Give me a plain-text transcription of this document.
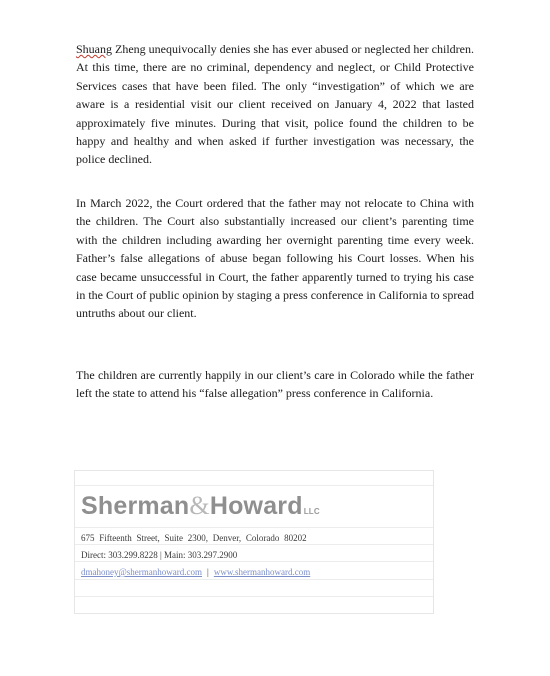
Shuang Zheng unequivocally denies she has ever abused or neglected her children. At this time, there are no criminal, dependency and neglect, or Child Protective Services cases that have been filed. The only “investigation” of which we are aware is a residential visit our client received on January 4, 2022 that lasted approximately five minutes. During that visit, police found the children to be happy and healthy and when asked if further investigation was necessary, the police declined.

In March 2022, the Court ordered that the father may not relocate to China with the children. The Court also substantially increased our client’s parenting time with the children including awarding her overnight parenting time every week. Father’s false allegations of abuse began following his Court losses. When his case became unsuccessful in Court, the father apparently turned to trying his case in the Court of public opinion by staging a press conference in California to spread untruths about our client.

The children are currently happily in our client’s care in Colorado while the father left the state to attend his “false allegation” press conference in California.

Sherman&HowardLLC
675 Fifteenth Street, Suite 2300, Denver, Colorado 80202
Direct: 303.299.8228 | Main: 303.297.2900
dmahoney@shermanhoward.com | www.shermanhoward.com
